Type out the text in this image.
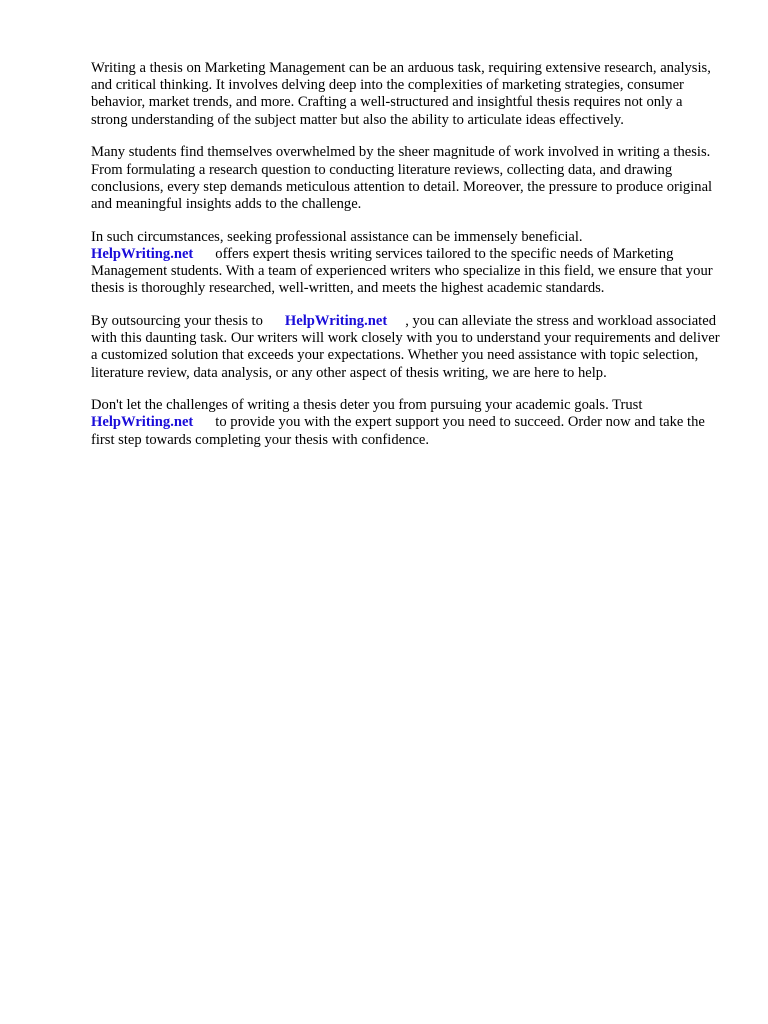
Writing a thesis on Marketing Management can be an arduous task, requiring extensive research, analysis, and critical thinking. It involves delving deep into the complexities of marketing strategies, consumer behavior, market trends, and more. Crafting a well-structured and insightful thesis requires not only a strong understanding of the subject matter but also the ability to articulate ideas effectively.

Many students find themselves overwhelmed by the sheer magnitude of work involved in writing a thesis. From formulating a research question to conducting literature reviews, collecting data, and drawing conclusions, every step demands meticulous attention to detail. Moreover, the pressure to produce original and meaningful insights adds to the challenge.

In such circumstances, seeking professional assistance can be immensely beneficial.
HelpWriting.net offers expert thesis writing services tailored to the specific needs of Marketing Management students. With a team of experienced writers who specialize in this field, we ensure that your thesis is thoroughly researched, well-written, and meets the highest academic standards.

By outsourcing your thesis to HelpWriting.net , you can alleviate the stress and workload associated with this daunting task. Our writers will work closely with you to understand your requirements and deliver a customized solution that exceeds your expectations. Whether you need assistance with topic selection, literature review, data analysis, or any other aspect of thesis writing, we are here to help.

Don't let the challenges of writing a thesis deter you from pursuing your academic goals. Trust
HelpWriting.net to provide you with the expert support you need to succeed. Order now and take the first step towards completing your thesis with confidence.
